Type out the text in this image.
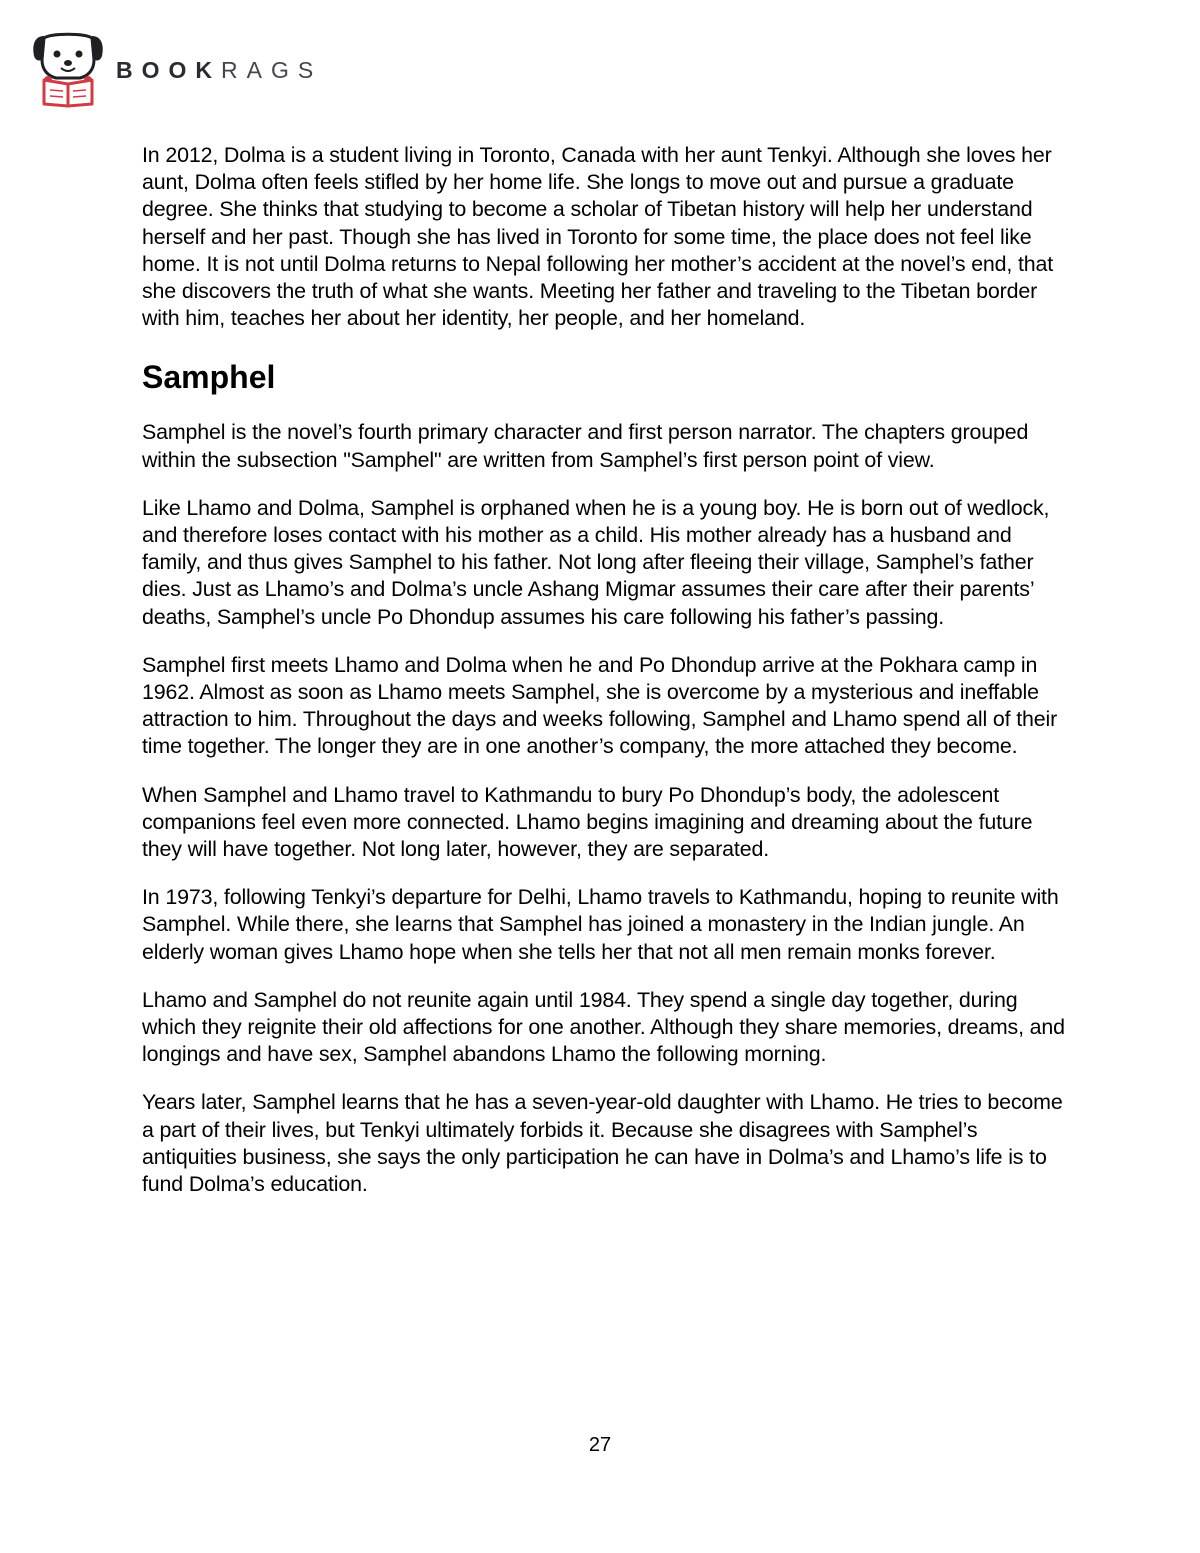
BOOKRAGS

In 2012, Dolma is a student living in Toronto, Canada with her aunt Tenkyi. Although she loves her aunt, Dolma often feels stifled by her home life. She longs to move out and pursue a graduate degree. She thinks that studying to become a scholar of Tibetan history will help her understand herself and her past. Though she has lived in Toronto for some time, the place does not feel like home. It is not until Dolma returns to Nepal following her mother’s accident at the novel’s end, that she discovers the truth of what she wants. Meeting her father and traveling to the Tibetan border with him, teaches her about her identity, her people, and her homeland.

Samphel

Samphel is the novel’s fourth primary character and first person narrator. The chapters grouped within the subsection "Samphel" are written from Samphel’s first person point of view.

Like Lhamo and Dolma, Samphel is orphaned when he is a young boy. He is born out of wedlock, and therefore loses contact with his mother as a child. His mother already has a husband and family, and thus gives Samphel to his father. Not long after fleeing their village, Samphel’s father dies. Just as Lhamo’s and Dolma’s uncle Ashang Migmar assumes their care after their parents’ deaths, Samphel’s uncle Po Dhondup assumes his care following his father’s passing.

Samphel first meets Lhamo and Dolma when he and Po Dhondup arrive at the Pokhara camp in 1962. Almost as soon as Lhamo meets Samphel, she is overcome by a mysterious and ineffable attraction to him. Throughout the days and weeks following, Samphel and Lhamo spend all of their time together. The longer they are in one another’s company, the more attached they become.

When Samphel and Lhamo travel to Kathmandu to bury Po Dhondup’s body, the adolescent companions feel even more connected. Lhamo begins imagining and dreaming about the future they will have together. Not long later, however, they are separated.

In 1973, following Tenkyi’s departure for Delhi, Lhamo travels to Kathmandu, hoping to reunite with Samphel. While there, she learns that Samphel has joined a monastery in the Indian jungle. An elderly woman gives Lhamo hope when she tells her that not all men remain monks forever.

Lhamo and Samphel do not reunite again until 1984. They spend a single day together, during which they reignite their old affections for one another. Although they share memories, dreams, and longings and have sex, Samphel abandons Lhamo the following morning.

Years later, Samphel learns that he has a seven-year-old daughter with Lhamo. He tries to become a part of their lives, but Tenkyi ultimately forbids it. Because she disagrees with Samphel’s antiquities business, she says the only participation he can have in Dolma’s and Lhamo’s life is to fund Dolma’s education.

27
